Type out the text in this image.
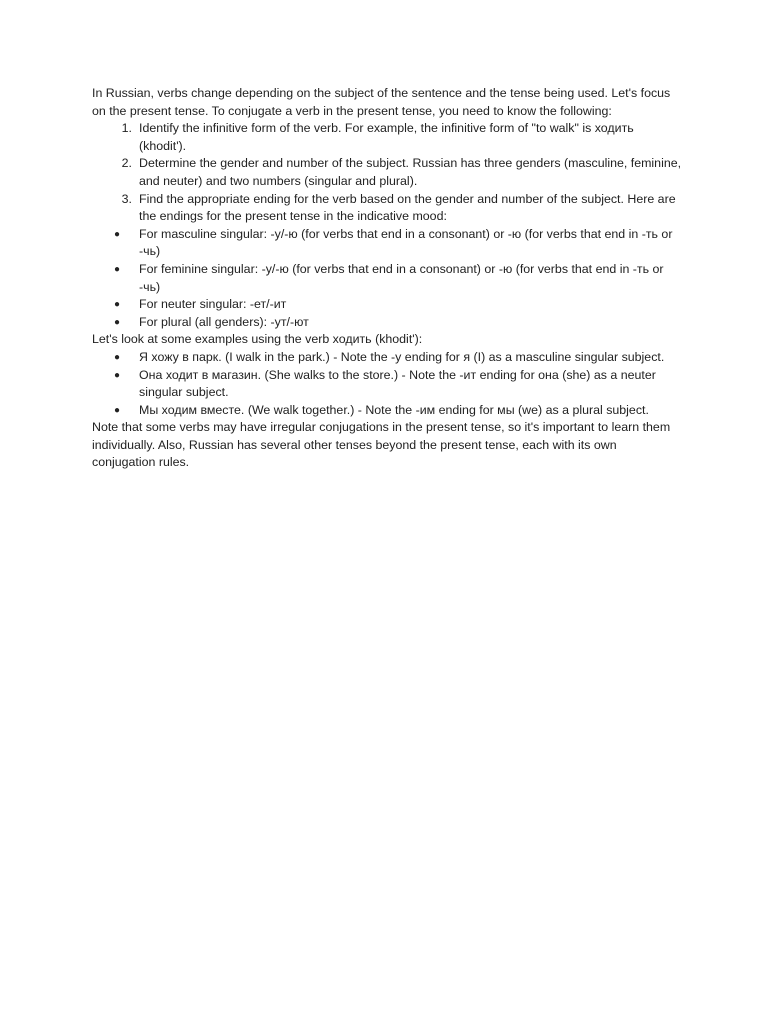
In Russian, verbs change depending on the subject of the sentence and the tense being used. Let's focus on the present tense. To conjugate a verb in the present tense, you need to know the following:

1. Identify the infinitive form of the verb. For example, the infinitive form of "to walk" is ходить (khodit').
2. Determine the gender and number of the subject. Russian has three genders (masculine, feminine, and neuter) and two numbers (singular and plural).
3. Find the appropriate ending for the verb based on the gender and number of the subject. Here are the endings for the present tense in the indicative mood:
●	For masculine singular: -у/-ю (for verbs that end in a consonant) or -ю (for verbs that end in -ть or -чь)
●	For feminine singular: -у/-ю (for verbs that end in a consonant) or -ю (for verbs that end in -ть or -чь)
●	For neuter singular: -ет/-ит
●	For plural (all genders): -ут/-ют

Let's look at some examples using the verb ходить (khodit'):

●	Я хожу в парк. (I walk in the park.) - Note the -у ending for я (I) as a masculine singular subject.
●	Она ходит в магазин. (She walks to the store.) - Note the -ит ending for она (she) as a neuter singular subject.
●	Мы ходим вместе. (We walk together.) - Note the -им ending for мы (we) as a plural subject.

Note that some verbs may have irregular conjugations in the present tense, so it's important to learn them individually. Also, Russian has several other tenses beyond the present tense, each with its own conjugation rules.
